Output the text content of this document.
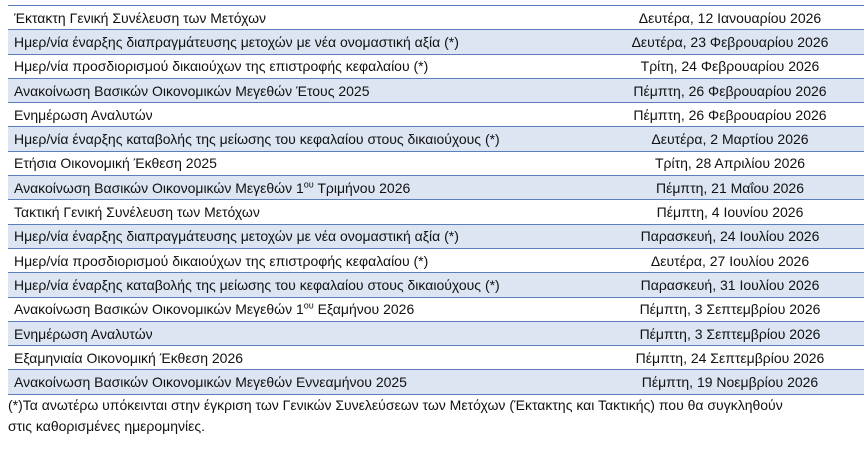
Έκτακτη Γενική Συνέλευση των Μετόχων	Δευτέρα, 12 Ιανουαρίου 2026
Ημερ/νία έναρξης διαπραγμάτευσης μετοχών με νέα ονομαστική αξία (*)	Δευτέρα, 23 Φεβρουαρίου 2026
Ημερ/νία προσδιορισμού δικαιούχων της επιστροφής κεφαλαίου (*)	Τρίτη, 24 Φεβρουαρίου 2026
Ανακοίνωση Βασικών Οικονομικών Μεγεθών Έτους 2025	Πέμπτη, 26 Φεβρουαρίου 2026
Ενημέρωση Αναλυτών	Πέμπτη, 26 Φεβρουαρίου 2026
Ημερ/νία έναρξης καταβολής της μείωσης του κεφαλαίου στους δικαιούχους (*)	Δευτέρα, 2 Μαρτίου 2026
Ετήσια Οικονομική Έκθεση 2025	Τρίτη, 28 Απριλίου 2026
Ανακοίνωση Βασικών Οικονομικών Μεγεθών $1^{o\upsilon}$ Τριμήνου 2026	Πέμπτη, 21 Μαΐου 2026
Τακτική Γενική Συνέλευση των Μετόχων	Πέμπτη, 4 Ιουνίου 2026
Ημερ/νία έναρξης διαπραγμάτευσης μετοχών με νέα ονομαστική αξία (*)	Παρασκευή, 24 Ιουλίου 2026
Ημερ/νία προσδιορισμού δικαιούχων της επιστροφής κεφαλαίου (*)	Δευτέρα, 27 Ιουλίου 2026
Ημερ/νία έναρξης καταβολής της μείωσης του κεφαλαίου στους δικαιούχους (*)	Παρασκευή, 31 Ιουλίου 2026
Ανακοίνωση Βασικών Οικονομικών Μεγεθών $1^{o\upsilon}$ Εξαμήνου 2026	Πέμπτη, 3 Σεπτεμβρίου 2026
Ενημέρωση Αναλυτών	Πέμπτη, 3 Σεπτεμβρίου 2026
Εξαμηνιαία Οικονομική Έκθεση 2026	Πέμπτη, 24 Σεπτεμβρίου 2026
Ανακοίνωση Βασικών Οικονομικών Μεγεθών Εννεαμήνου 2025	Πέμπτη, 19 Νοεμβρίου 2026
(*)Τα ανωτέρω υπόκεινται στην έγκριση των Γενικών Συνελεύσεων των Μετόχων (Έκτακτης και Τακτικής) που θα συγκληθούν
στις καθορισμένες ημερομηνίες.
